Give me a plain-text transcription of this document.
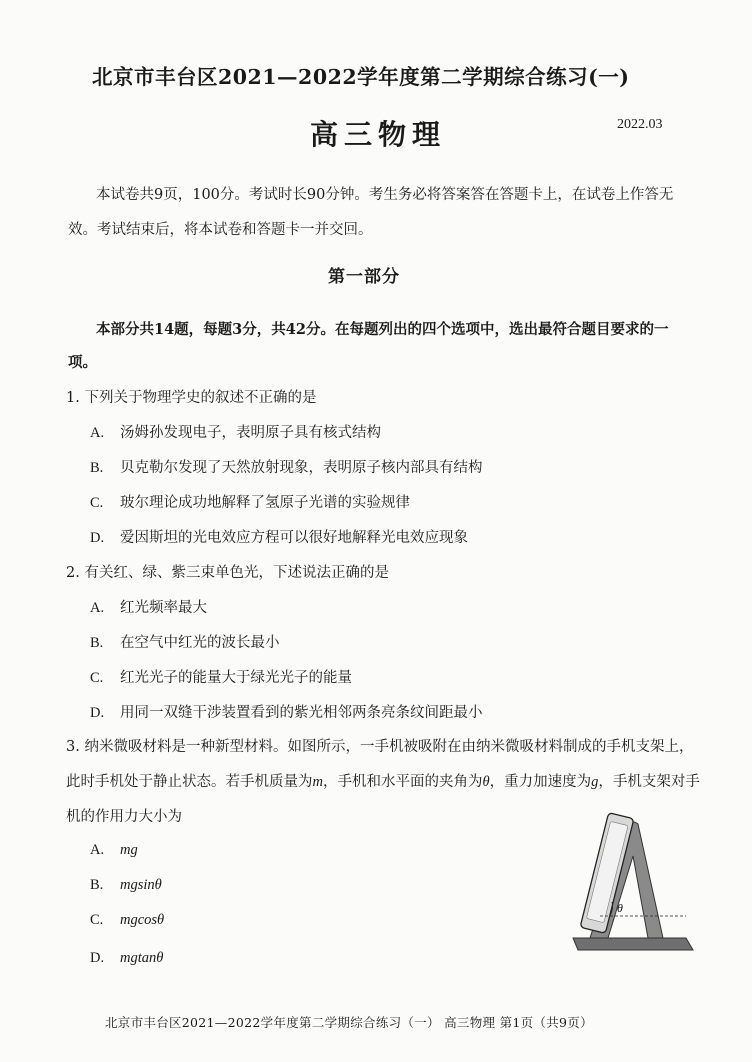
北京市丰台区2021—2022学年度第二学期综合练习(一)
高三物理	2022.03
本试卷共9页，100分。考试时长90分钟。考生务必将答案答在答题卡上，在试卷上作答无效。考试结束后，将本试卷和答题卡一并交回。
第一部分
本部分共14题，每题3分，共42分。在每题列出的四个选项中，选出最符合题目要求的一项。
1. 下列关于物理学史的叙述不正确的是
A. 汤姆孙发现电子，表明原子具有核式结构
B. 贝克勒尔发现了天然放射现象，表明原子核内部具有结构
C. 玻尔理论成功地解释了氢原子光谱的实验规律
D. 爱因斯坦的光电效应方程可以很好地解释光电效应现象
2. 有关红、绿、紫三束单色光，下述说法正确的是
A. 红光频率最大
B. 在空气中红光的波长最小
C. 红光光子的能量大于绿光光子的能量
D. 用同一双缝干涉装置看到的紫光相邻两条亮条纹间距最小
3. 纳米微吸材料是一种新型材料。如图所示，一手机被吸附在由纳米微吸材料制成的手机支架上，此时手机处于静止状态。若手机质量为m，手机和水平面的夹角为θ，重力加速度为g，手机支架对手机的作用力大小为
A. mg
B. mgsinθ
C. mgcosθ
D. mgtanθ
θ
北京市丰台区2021—2022学年度第二学期综合练习（一） 高三物理 第1页（共9页）
